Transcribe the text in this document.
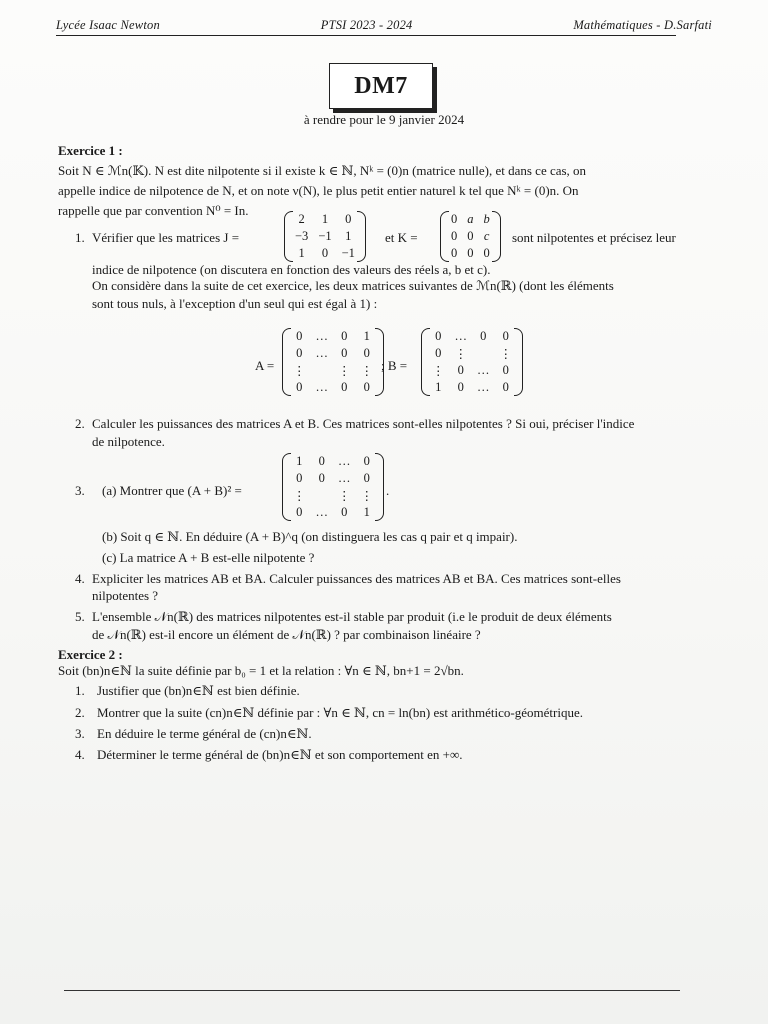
Lycée Isaac Newton	PTSI 2023 - 2024	Mathématiques - D.Sarfati
DM7
à rendre pour le 9 janvier 2024
Exercice 1 :
Soit N ∈ ℳn(𝕂). N est dite nilpotente si il existe k ∈ ℕ, Nᵏ = (0)n (matrice nulle), et dans ce cas, on
appelle indice de nilpotence de N, et on note ν(N), le plus petit entier naturel k tel que Nᵏ = (0)n. On
rappelle que par convention N⁰ = In.
1. Vérifier que les matrices J =
2	1	0
−3	−1	1
1	0	−1
et K =
0	a	b
0	0	c
0	0	0
sont nilpotentes et précisez leur
indice de nilpotence (on discutera en fonction des valeurs des réels a, b et c).
On considère dans la suite de cet exercice, les deux matrices suivantes de ℳn(ℝ) (dont les éléments
sont tous nuls, à l'exception d'un seul qui est égal à 1) :
A =
0	…	0	1
0	…	0	0
⋮		⋮	⋮
0	…	0	0
; B =
0	…	0	0
0	⋮		⋮
⋮	0	…	0
1	0	…	0
2. Calculer les puissances des matrices A et B. Ces matrices sont-elles nilpotentes ? Si oui, préciser l'indice
de nilpotence.
3. (a) Montrer que (A + B)² =
1	0	…	0
0	0	…	0
⋮		⋮	⋮
0	…	0	1
.
(b) Soit q ∈ ℕ. En déduire (A + B)^q (on distinguera les cas q pair et q impair).
(c) La matrice A + B est-elle nilpotente ?
4. Expliciter les matrices AB et BA. Calculer puissances des matrices AB et BA. Ces matrices sont-elles
nilpotentes ?
5. L'ensemble 𝒩n(ℝ) des matrices nilpotentes est-il stable par produit (i.e le produit de deux éléments
de 𝒩n(ℝ) est-il encore un élément de 𝒩n(ℝ) ? par combinaison linéaire ?
Exercice 2 :
Soit (bn)n∈ℕ la suite définie par b₀ = 1 et la relation : ∀n ∈ ℕ, bn+1 = 2√bn.
1. Justifier que (bn)n∈ℕ est bien définie.
2. Montrer que la suite (cn)n∈ℕ définie par : ∀n ∈ ℕ, cn = ln(bn) est arithmético-géométrique.
3. En déduire le terme général de (cn)n∈ℕ.
4. Déterminer le terme général de (bn)n∈ℕ et son comportement en +∞.
